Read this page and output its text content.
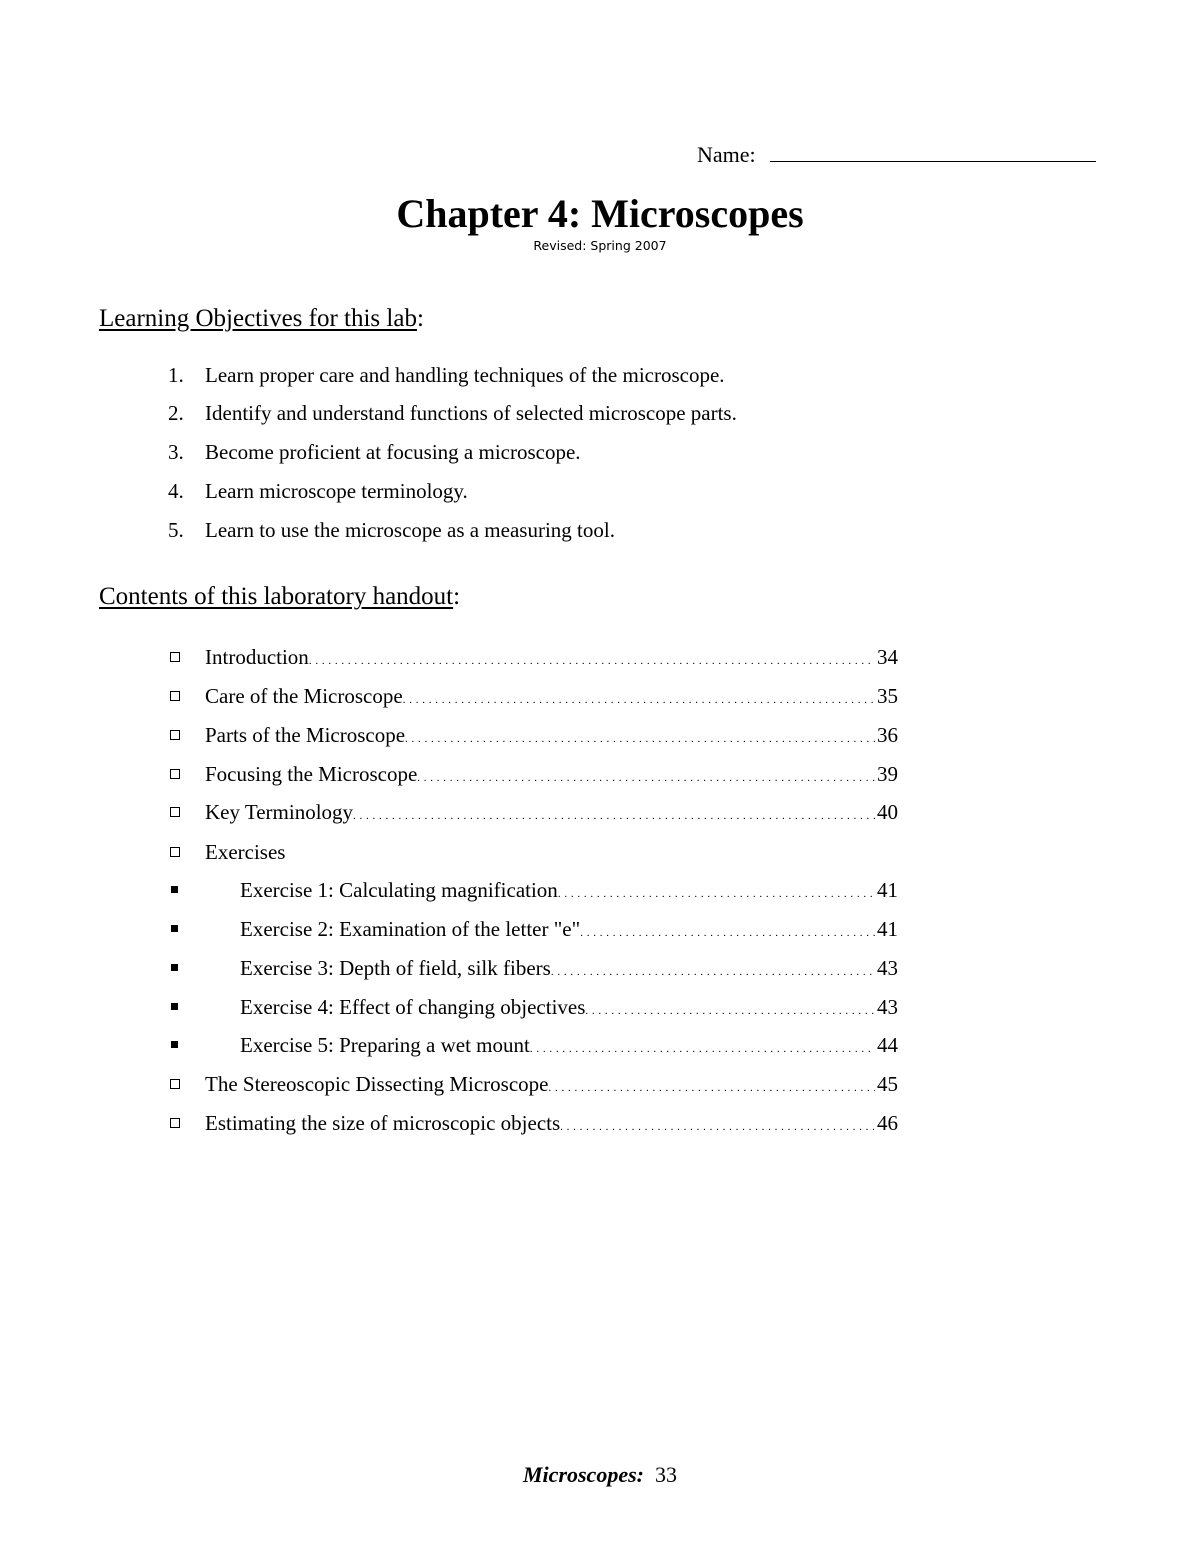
Name:
Chapter 4: Microscopes
Revised: Spring 2007
Learning Objectives for this lab:
1. Learn proper care and handling techniques of the microscope.
2. Identify and understand functions of selected microscope parts.
3. Become proficient at focusing a microscope.
4. Learn microscope terminology.
5. Learn to use the microscope as a measuring tool.
Contents of this laboratory handout:
Introduction . . .	34
Care of the Microscope . . .	35
Parts of the Microscope . . .	36
Focusing the Microscope . . .	39
Key Terminology . . .	40
Exercises
Exercise 1: Calculating magnification . . .	41
Exercise 2: Examination of the letter "e" . . .	41
Exercise 3: Depth of field, silk fibers . . .	43
Exercise 4: Effect of changing objectives . . .	43
Exercise 5: Preparing a wet mount . . .	44
The Stereoscopic Dissecting Microscope . . .	45
Estimating the size of microscopic objects . . .	46
Microscopes: 33
